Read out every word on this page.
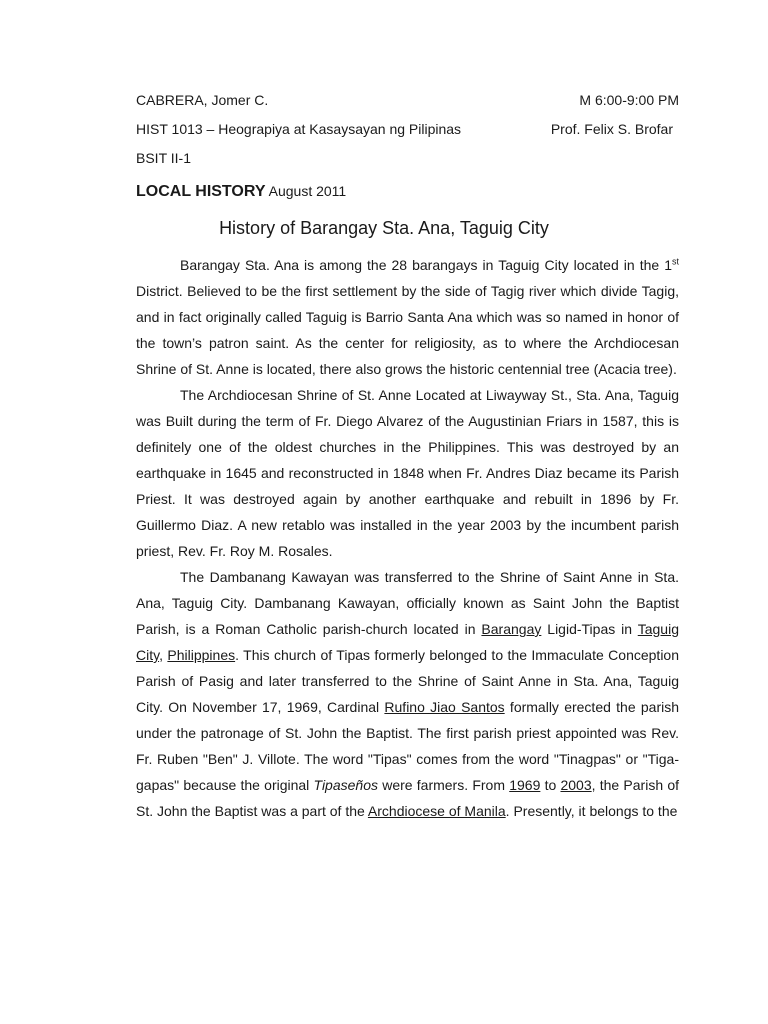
CABRERA, Jomer C.	M 6:00-9:00 PM
HIST 1013 – Heograpiya at Kasaysayan ng Pilipinas	Prof. Felix S. Brofar
BSIT II-1
LOCAL HISTORY August 2011
History of Barangay Sta. Ana, Taguig City

Barangay Sta. Ana is among the 28 barangays in Taguig City located in the 1st District. Believed to be the first settlement by the side of Tagig river which divide Tagig, and in fact originally called Taguig is Barrio Santa Ana which was so named in honor of the town’s patron saint. As the center for religiosity, as to where the Archdiocesan Shrine of St. Anne is located, there also grows the historic centennial tree (Acacia tree).

The Archdiocesan Shrine of St. Anne Located at Liwayway St., Sta. Ana, Taguig was Built during the term of Fr. Diego Alvarez of the Augustinian Friars in 1587, this is definitely one of the oldest churches in the Philippines. This was destroyed by an earthquake in 1645 and reconstructed in 1848 when Fr. Andres Diaz became its Parish Priest. It was destroyed again by another earthquake and rebuilt in 1896 by Fr. Guillermo Diaz. A new retablo was installed in the year 2003 by the incumbent parish priest, Rev. Fr. Roy M. Rosales.

The Dambanang Kawayan was transferred to the Shrine of Saint Anne in Sta. Ana, Taguig City. Dambanang Kawayan, officially known as Saint John the Baptist Parish, is a Roman Catholic parish-church located in Barangay Ligid-Tipas in Taguig City, Philippines. This church of Tipas formerly belonged to the Immaculate Conception Parish of Pasig and later transferred to the Shrine of Saint Anne in Sta. Ana, Taguig City. On November 17, 1969, Cardinal Rufino Jiao Santos formally erected the parish under the patronage of St. John the Baptist. The first parish priest appointed was Rev. Fr. Ruben "Ben" J. Villote. The word "Tipas" comes from the word "Tinagpas" or "Tiga-gapas" because the original Tipaseños were farmers. From 1969 to 2003, the Parish of St. John the Baptist was a part of the Archdiocese of Manila. Presently, it belongs to the
